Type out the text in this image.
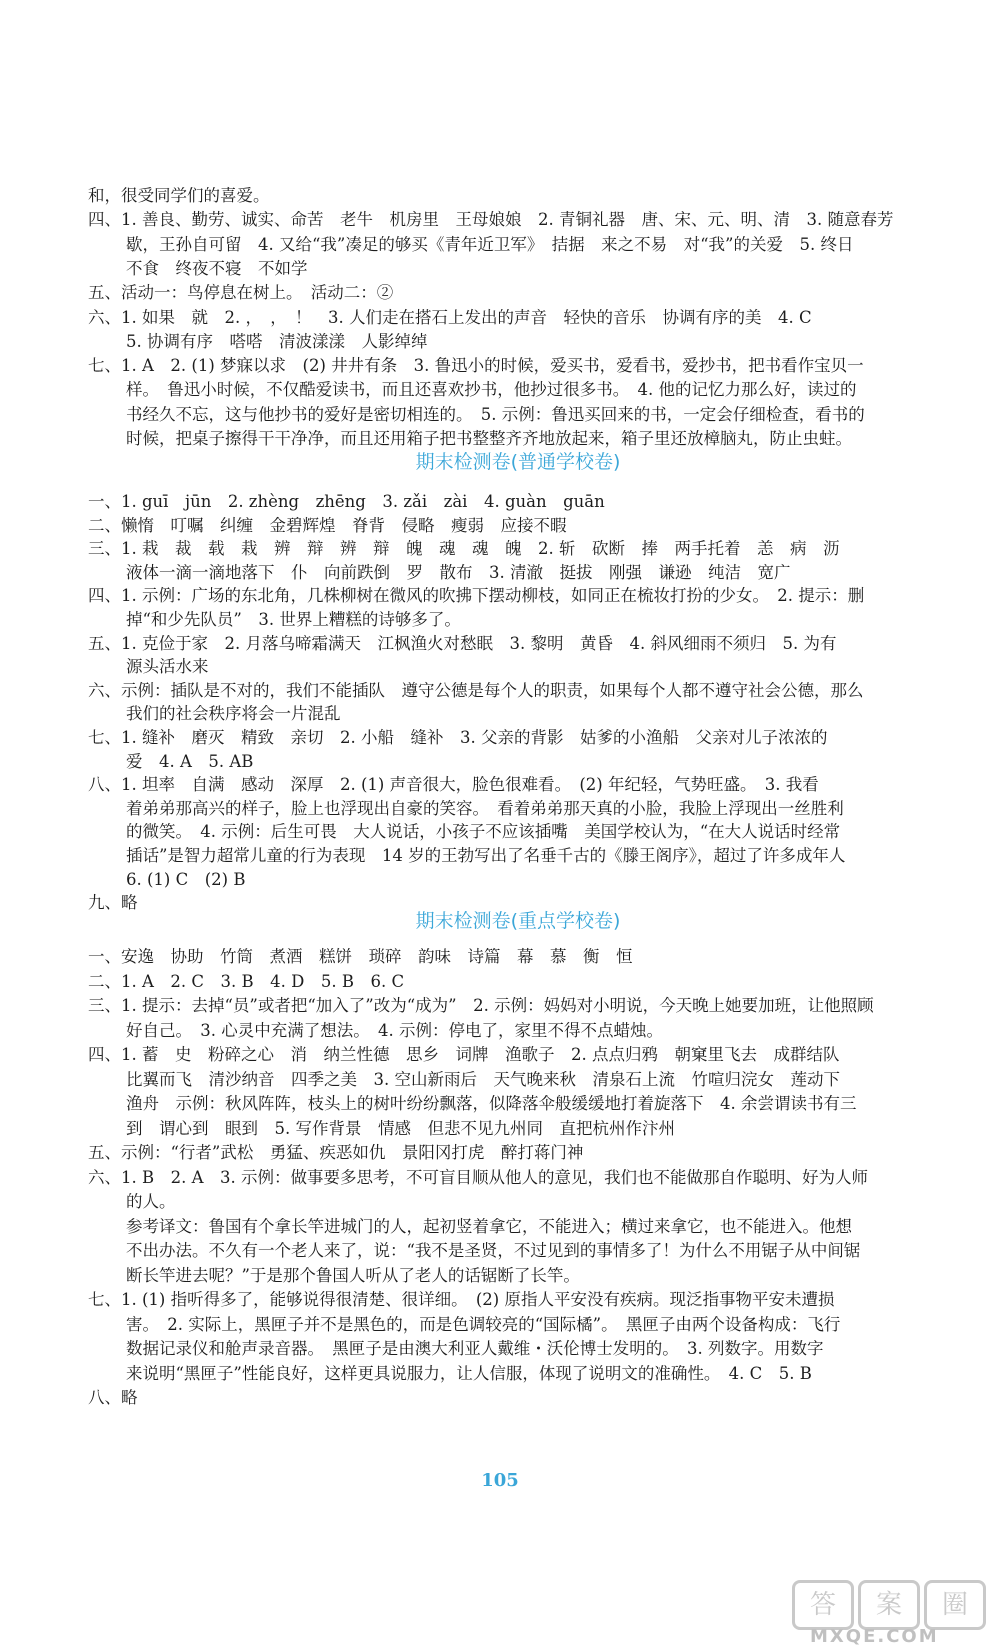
和，很受同学们的喜爱。
四、1. 善良、勤劳、诚实、命苦　老牛　机房里　王母娘娘　2. 青铜礼器　唐、宋、元、明、清　3. 随意春芳
歇，王孙自可留　4. 又给“我”凑足的够买《青年近卫军》　拮据　来之不易　对“我”的关爱　5. 终日
不食　终夜不寝　不如学
五、活动一：鸟停息在树上。　活动二：②
六、1. 如果　就　2. ，　，　！　3. 人们走在搭石上发出的声音　轻快的音乐　协调有序的美　4. C
5. 协调有序　嗒嗒　清波漾漾　人影绰绰
七、1. A　2. (1) 梦寐以求　(2) 井井有条　3. 鲁迅小的时候，爱买书，爱看书，爱抄书，把书看作宝贝一
样。　鲁迅小时候，不仅酷爱读书，而且还喜欢抄书，他抄过很多书。　4. 他的记忆力那么好，读过的
书经久不忘，这与他抄书的爱好是密切相连的。　5. 示例：鲁迅买回来的书，一定会仔细检查，看书的
时候，把桌子擦得干干净净，而且还用箱子把书整整齐齐地放起来，箱子里还放樟脑丸，防止虫蛀。
期末检测卷(普通学校卷)
一、1. guī　jūn　2. zhèng　zhēng　3. zǎi　zài　4. guàn　guān
二、懒惰　叮嘱　纠缠　金碧辉煌　脊背　侵略　瘦弱　应接不暇
三、1. 栽　裁　载　栽　辨　辩　辨　辩　魄　魂　魂　魄　2. 斩　砍断　捧　两手托着　恙　病　沥
液体一滴一滴地落下　仆　向前跌倒　罗　散布　3. 清澈　挺拔　刚强　谦逊　纯洁　宽广
四、1. 示例：广场的东北角，几株柳树在微风的吹拂下摆动柳枝，如同正在梳妆打扮的少女。　2. 提示：删
掉“和少先队员”　3. 世界上糟糕的诗够多了。
五、1. 克俭于家　2. 月落乌啼霜满天　江枫渔火对愁眠　3. 黎明　黄昏　4. 斜风细雨不须归　5. 为有
源头活水来
六、示例：插队是不对的，我们不能插队　遵守公德是每个人的职责，如果每个人都不遵守社会公德，那么
我们的社会秩序将会一片混乱
七、1. 缝补　磨灭　精致　亲切　2. 小船　缝补　3. 父亲的背影　姑爹的小渔船　父亲对儿子浓浓的
爱　4. A　5. AB
八、1. 坦率　自满　感动　深厚　2. (1) 声音很大，脸色很难看。　(2) 年纪轻，气势旺盛。　3. 我看
着弟弟那高兴的样子，脸上也浮现出自豪的笑容。　看着弟弟那天真的小脸，我脸上浮现出一丝胜利
的微笑。　4. 示例：后生可畏　大人说话，小孩子不应该插嘴　美国学校认为，“在大人说话时经常
插话”是智力超常儿童的行为表现　14 岁的王勃写出了名垂千古的《滕王阁序》，超过了许多成年人
6. (1) C　(2) B
九、略
期末检测卷(重点学校卷)
一、安逸　协助　竹筒　煮酒　糕饼　琐碎　韵味　诗篇　幕　慕　衡　恒
二、1. A　2. C　3. B　4. D　5. B　6. C
三、1. 提示：去掉“员”或者把“加入了”改为“成为”　2. 示例：妈妈对小明说，今天晚上她要加班，让他照顾
好自己。　3. 心灵中充满了想法。　4. 示例：停电了，家里不得不点蜡烛。
四、1. 蓄　史　粉碎之心　消　纳兰性德　思乡　词牌　渔歌子　2. 点点归鸦　朝窠里飞去　成群结队
比翼而飞　清沙纳音　四季之美　3. 空山新雨后　天气晚来秋　清泉石上流　竹喧归浣女　莲动下
渔舟　示例：秋风阵阵，枝头上的树叶纷纷飘落，似降落伞般缓缓地打着旋落下　4. 余尝谓读书有三
到　谓心到　眼到　5. 写作背景　情感　但悲不见九州同　直把杭州作汴州
五、示例：“行者”武松　勇猛、疾恶如仇　景阳冈打虎　醉打蒋门神
六、1. B　2. A　3. 示例：做事要多思考，不可盲目顺从他人的意见，我们也不能做那自作聪明、好为人师
的人。
参考译文：鲁国有个拿长竿进城门的人，起初竖着拿它，不能进入；横过来拿它，也不能进入。他想
不出办法。不久有一个老人来了，说：“我不是圣贤，不过见到的事情多了！为什么不用锯子从中间锯
断长竿进去呢？”于是那个鲁国人听从了老人的话锯断了长竿。
七、1. (1) 指听得多了，能够说得很清楚、很详细。　(2) 原指人平安没有疾病。现泛指事物平安未遭损
害。　2. 实际上，黑匣子并不是黑色的，而是色调较亮的“国际橘”。　黑匣子由两个设备构成：飞行
数据记录仪和舱声录音器。　黑匣子是由澳大利亚人戴维・沃伦博士发明的。　3. 列数字。用数字
来说明“黑匣子”性能良好，这样更具说服力，让人信服，体现了说明文的准确性。　4. C　5. B
八、略
105
答	案	圈
MXQE.COM
